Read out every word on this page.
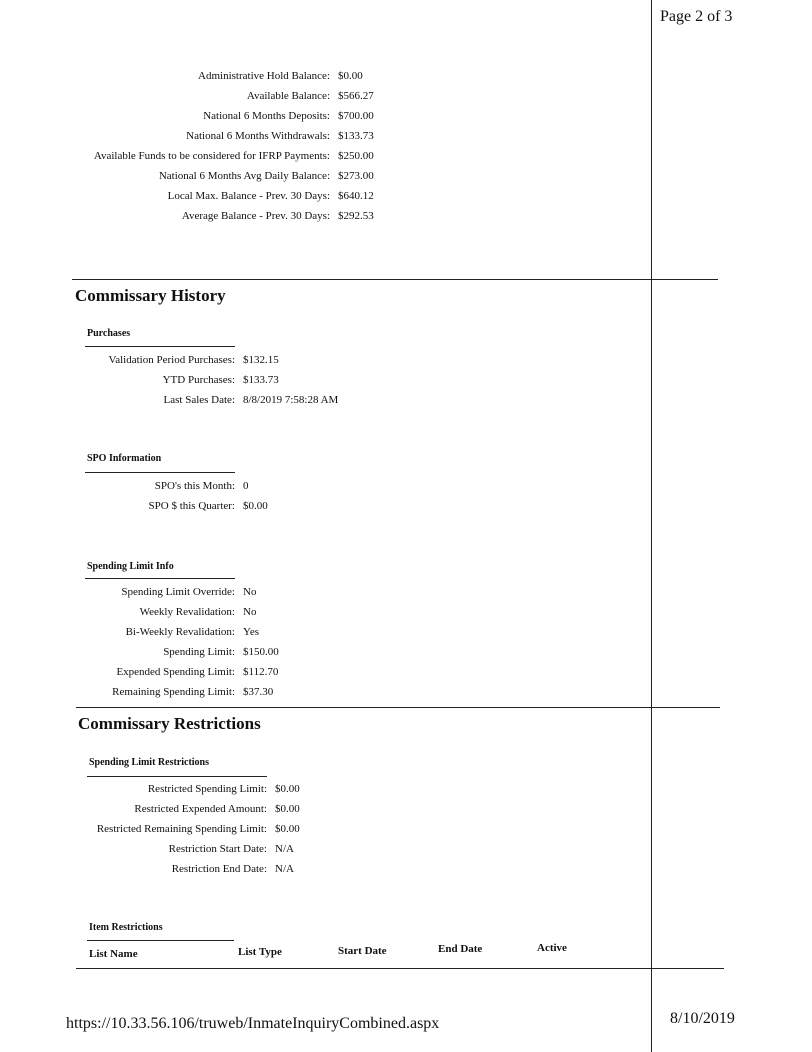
Page 2 of 3
Administrative Hold Balance: $0.00
Available Balance: $566.27
National 6 Months Deposits: $700.00
National 6 Months Withdrawals: $133.73
Available Funds to be considered for IFRP Payments: $250.00
National 6 Months Avg Daily Balance: $273.00
Local Max. Balance - Prev. 30 Days: $640.12
Average Balance - Prev. 30 Days: $292.53
Commissary History
Purchases
Validation Period Purchases: $132.15
YTD Purchases: $133.73
Last Sales Date: 8/8/2019 7:58:28 AM
SPO Information
SPO's this Month: 0
SPO $ this Quarter: $0.00
Spending Limit Info
Spending Limit Override: No
Weekly Revalidation: No
Bi-Weekly Revalidation: Yes
Spending Limit: $150.00
Expended Spending Limit: $112.70
Remaining Spending Limit: $37.30
Commissary Restrictions
Spending Limit Restrictions
Restricted Spending Limit: $0.00
Restricted Expended Amount: $0.00
Restricted Remaining Spending Limit: $0.00
Restriction Start Date: N/A
Restriction End Date: N/A
Item Restrictions
List Name	List Type	Start Date	End Date	Active
https://10.33.56.106/truweb/InmateInquiryCombined.aspx	8/10/2019
